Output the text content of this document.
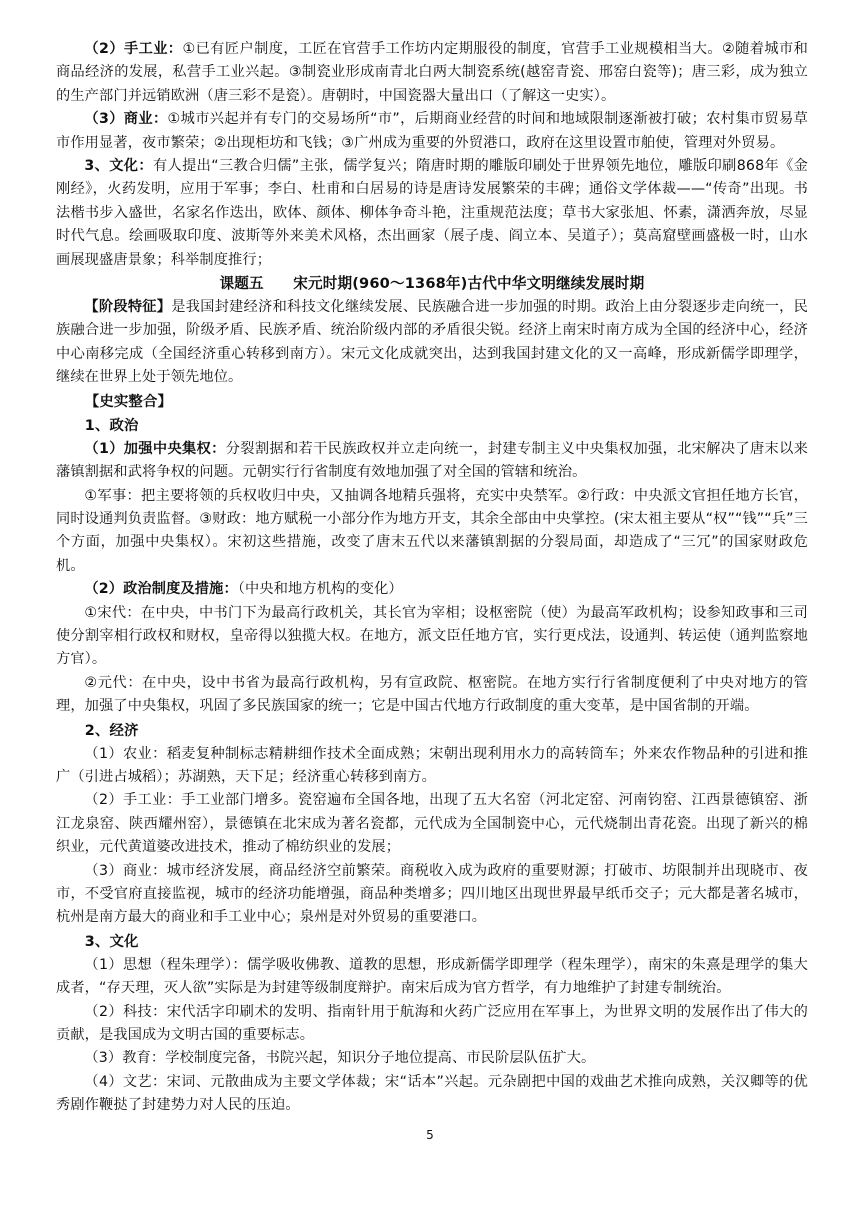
（2）手工业：①已有匠户制度，工匠在官营手工作坊内定期服役的制度，官营手工业规模相当大。②随着城市和商品经济的发展，私营手工业兴起。③制瓷业形成南青北白两大制瓷系统(越窑青瓷、邢窑白瓷等)；唐三彩，成为独立的生产部门并远销欧洲（唐三彩不是瓷）。唐朝时，中国瓷器大量出口（了解这一史实）。

（3）商业：①城市兴起并有专门的交易场所“市”，后期商业经营的时间和地域限制逐渐被打破；农村集市贸易草市作用显著，夜市繁荣；②出现柜坊和飞钱；③广州成为重要的外贸港口，政府在这里设置市舶使，管理对外贸易。

3、文化：有人提出“三教合归儒”主张，儒学复兴；隋唐时期的雕版印刷处于世界领先地位，雕版印刷868年《金刚经》，火药发明，应用于军事；李白、杜甫和白居易的诗是唐诗发展繁荣的丰碑；通俗文学体裁——“传奇”出现。书法楷书步入盛世，名家名作迭出，欧体、颜体、柳体争奇斗艳，注重规范法度；草书大家张旭、怀素，潇洒奔放，尽显时代气息。绘画吸取印度、波斯等外来美术风格，杰出画家（展子虔、阎立本、吴道子）；莫高窟壁画盛极一时，山水画展现盛唐景象；科举制度推行；

课题五　　宋元时期(960～1368年)古代中华文明继续发展时期

【阶段特征】是我国封建经济和科技文化继续发展、民族融合进一步加强的时期。政治上由分裂逐步走向统一，民族融合进一步加强，阶级矛盾、民族矛盾、统治阶级内部的矛盾很尖锐。经济上南宋时南方成为全国的经济中心，经济中心南移完成（全国经济重心转移到南方）。宋元文化成就突出，达到我国封建文化的又一高峰，形成新儒学即理学，继续在世界上处于领先地位。

【史实整合】

1、政治

（1）加强中央集权：分裂割据和若干民族政权并立走向统一，封建专制主义中央集权加强，北宋解决了唐末以来藩镇割据和武将争权的问题。元朝实行行省制度有效地加强了对全国的管辖和统治。

①军事：把主要将领的兵权收归中央，又抽调各地精兵强将，充实中央禁军。②行政：中央派文官担任地方长官，同时设通判负责监督。③财政：地方赋税一小部分作为地方开支，其余全部由中央掌控。(宋太祖主要从“权”“钱”“兵”三个方面，加强中央集权）。宋初这些措施，改变了唐末五代以来藩镇割据的分裂局面，却造成了“三冗”的国家财政危机。

（2）政治制度及措施：（中央和地方机构的变化）

①宋代：在中央，中书门下为最高行政机关，其长官为宰相；设枢密院（使）为最高军政机构；设参知政事和三司使分割宰相行政权和财权，皇帝得以独揽大权。在地方，派文臣任地方官，实行更戍法，设通判、转运使（通判监察地方官）。

②元代：在中央，设中书省为最高行政机构，另有宣政院、枢密院。在地方实行行省制度便利了中央对地方的管理，加强了中央集权，巩固了多民族国家的统一；它是中国古代地方行政制度的重大变革，是中国省制的开端。

2、经济

（1）农业：稻麦复种制标志精耕细作技术全面成熟；宋朝出现利用水力的高转筒车；外来农作物品种的引进和推广（引进占城稻）；苏湖熟，天下足；经济重心转移到南方。

（2）手工业：手工业部门增多。瓷窑遍布全国各地，出现了五大名窑（河北定窑、河南钧窑、江西景德镇窑、浙江龙泉窑、陕西耀州窑），景德镇在北宋成为著名瓷都，元代成为全国制瓷中心，元代烧制出青花瓷。出现了新兴的棉织业，元代黄道婆改进技术，推动了棉纺织业的发展；

（3）商业：城市经济发展，商品经济空前繁荣。商税收入成为政府的重要财源；打破市、坊限制并出现晓市、夜市，不受官府直接监视，城市的经济功能增强，商品种类增多；四川地区出现世界最早纸币交子；元大都是著名城市，杭州是南方最大的商业和手工业中心；泉州是对外贸易的重要港口。

3、文化

（1）思想（程朱理学）：儒学吸收佛教、道教的思想，形成新儒学即理学（程朱理学），南宋的朱熹是理学的集大成者，“存天理，灭人欲”实际是为封建等级制度辩护。南宋后成为官方哲学，有力地维护了封建专制统治。

（2）科技：宋代活字印刷术的发明、指南针用于航海和火药广泛应用在军事上，为世界文明的发展作出了伟大的贡献，是我国成为文明古国的重要标志。

（3）教育：学校制度完备，书院兴起，知识分子地位提高、市民阶层队伍扩大。

（4）文艺：宋词、元散曲成为主要文学体裁；宋“话本”兴起。元杂剧把中国的戏曲艺术推向成熟，关汉卿等的优秀剧作鞭挞了封建势力对人民的压迫。

5
